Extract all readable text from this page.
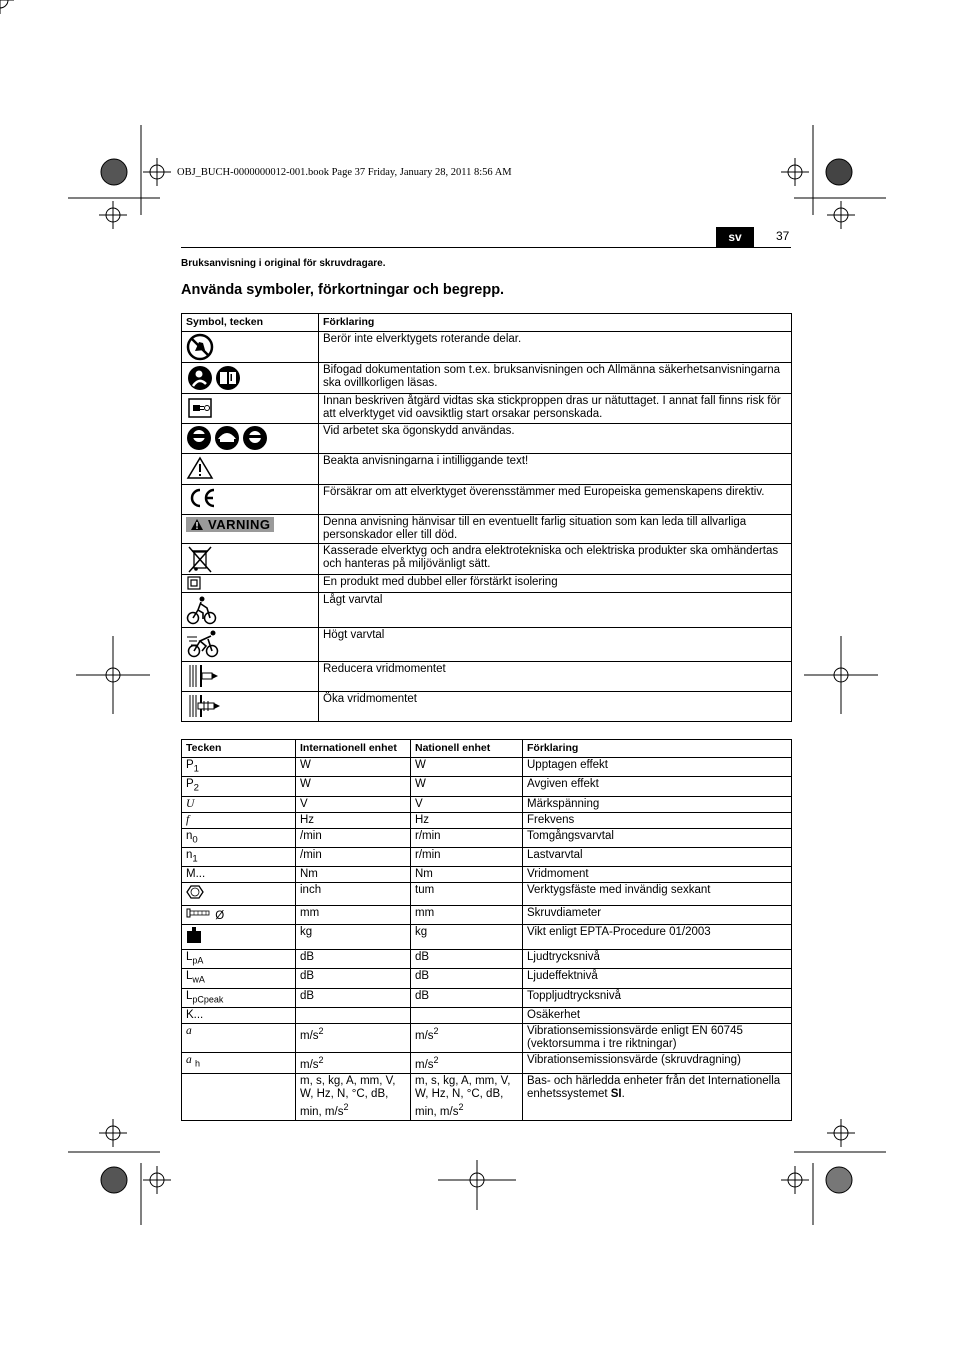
OBJ_BUCH-0000000012-001.book Page 37 Friday, January 28, 2011 8:56 AM
sv	37
Bruksanvisning i original för skruvdragare.
Använda symboler, förkortningar och begrepp.
Symbol, tecken	Förklaring

	Berör inte elverktygets roterande delar.

	Bifogad dokumentation som t.ex. bruksanvisningen och Allmänna säkerhetsanvisningarna ska ovillkorligen läsas.

	Innan beskriven åtgärd vidtas ska stickproppen dras ur nätuttaget. I annat fall finns risk för att elverktyget vid oavsiktlig start orsakar personskada.

	Vid arbetet ska ögonskydd användas.

	Beakta anvisningarna i intilliggande text!

	Försäkrar om att elverktyget överensstämmer med Europeiska gemenskapens direktiv.

VARNING	Denna anvisning hänvisar till en eventuellt farlig situation som kan leda till allvarliga personskador eller till död.

	Kasserade elverktyg och andra elektrotekniska och elektriska produkter ska omhändertas och hanteras på miljövänligt sätt.

	En produkt med dubbel eller förstärkt isolering

	Lågt varvtal

	Högt varvtal

	Reducera vridmomentet

	Öka vridmomentet
Tecken	Internationell enhet	Nationell enhet	Förklaring
$P_1$	W	W	Upptagen effekt
$P_2$	W	W	Avgiven effekt
U	V	V	Märkspänning
f	Hz	Hz	Frekvens
$n_0$	/min	r/min	Tomgångsvarvtal
$n_1$	/min	r/min	Lastvarvtal
M...	Nm	Nm	Vridmoment
	inch	tum	Verktygsfäste med invändig sexkant
Ø	mm	mm	Skruvdiameter
	kg	kg	Vikt enligt EPTA-Procedure 01/2003
$L_{pA}$	dB	dB	Ljudtrycksnivå
$L_{wA}$	dB	dB	Ljudeffektnivå
$L_{pCpeak}$	dB	dB	Toppljudtrycksnivå
K...			Osäkerhet
a	$m/s^2$	$m/s^2$	Vibrationsemissionsvärde enligt EN 60745 (vektorsumma i tre riktningar)
a $_h$	$m/s^2$	$m/s^2$	Vibrationsemissionsvärde (skruvdragning)
	m, s, kg, A, mm, V, W, Hz, N, °C, dB, min, $m/s^2$	m, s, kg, A, mm, V, W, Hz, N, °C, dB, min, $m/s^2$	Bas- och härledda enheter från det Internationella enhetssystemet SI.
